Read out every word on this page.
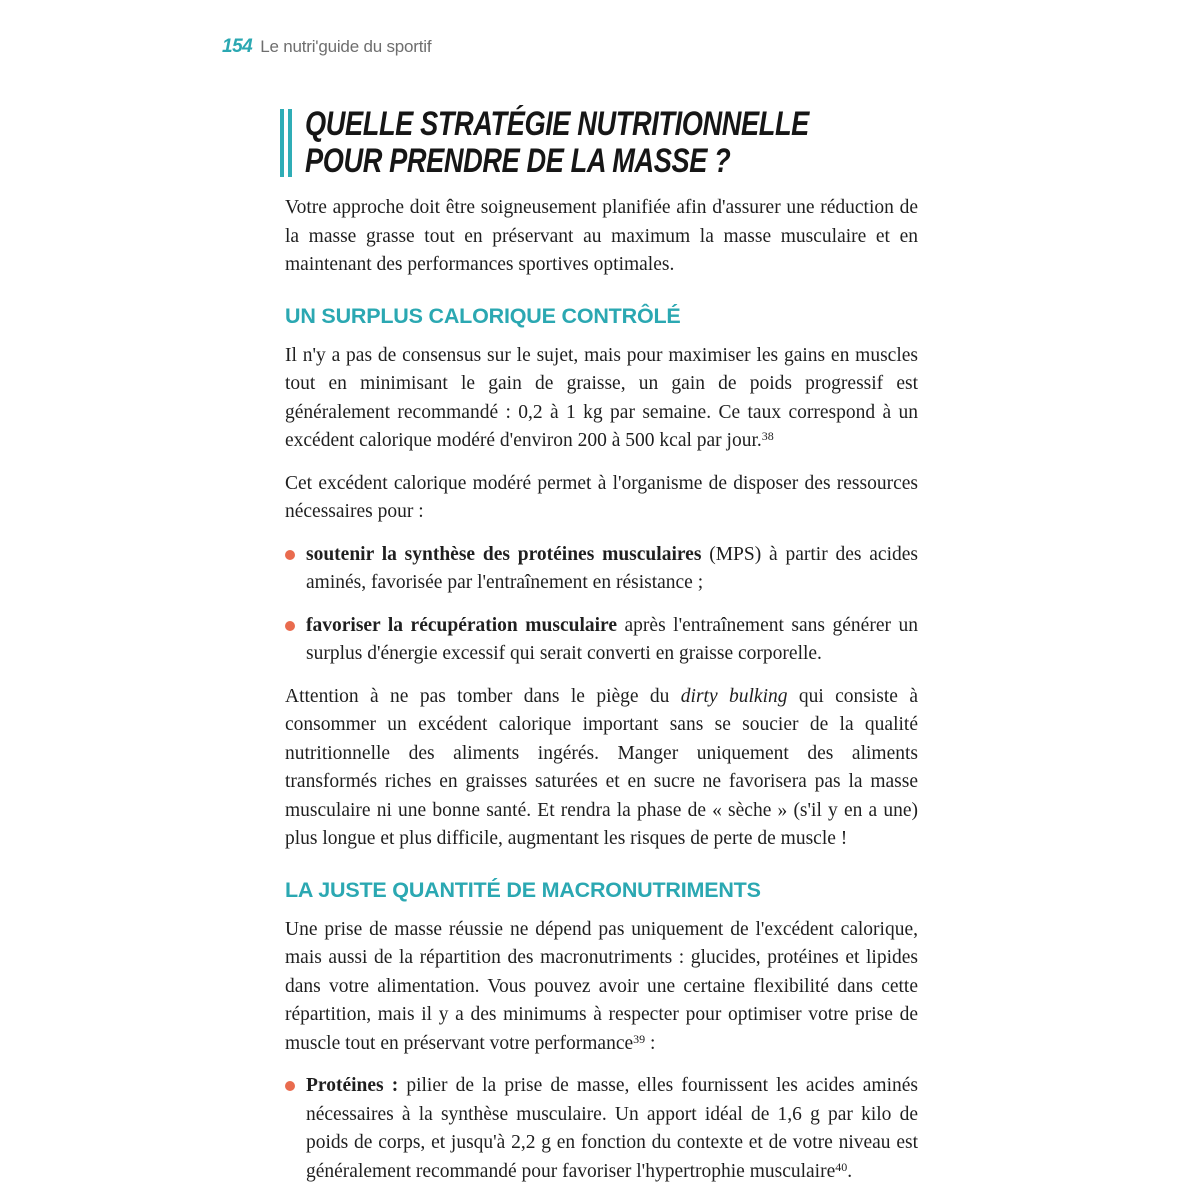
154 Le nutri'guide du sportif
QUELLE STRATÉGIE NUTRITIONNELLE
POUR PRENDRE DE LA MASSE ?

Votre approche doit être soigneusement planifiée afin d'assurer une réduction de la masse grasse tout en préservant au maximum la masse musculaire et en maintenant des performances sportives optimales.

UN SURPLUS CALORIQUE CONTRÔLÉ

Il n'y a pas de consensus sur le sujet, mais pour maximiser les gains en muscles tout en minimisant le gain de graisse, un gain de poids progressif est généralement recommandé : 0,2 à 1 kg par semaine. Ce taux correspond à un excédent calorique modéré d'environ 200 à 500 kcal par jour.$^{38}$

Cet excédent calorique modéré permet à l'organisme de disposer des ressources nécessaires pour :

soutenir la synthèse des protéines musculaires (MPS) à partir des acides aminés, favorisée par l'entraînement en résistance ;
favoriser la récupération musculaire après l'entraînement sans générer un surplus d'énergie excessif qui serait converti en graisse corporelle.

Attention à ne pas tomber dans le piège du dirty bulking qui consiste à consommer un excédent calorique important sans se soucier de la qualité nutritionnelle des aliments ingérés. Manger uniquement des aliments transformés riches en graisses saturées et en sucre ne favorisera pas la masse musculaire ni une bonne santé. Et rendra la phase de « sèche » (s'il y en a une) plus longue et plus difficile, augmentant les risques de perte de muscle !

LA JUSTE QUANTITÉ DE MACRONUTRIMENTS

Une prise de masse réussie ne dépend pas uniquement de l'excédent calorique, mais aussi de la répartition des macronutriments : glucides, protéines et lipides dans votre alimentation. Vous pouvez avoir une certaine flexibilité dans cette répartition, mais il y a des minimums à respecter pour optimiser votre prise de muscle tout en préservant votre performance$^{39}$ :

Protéines : pilier de la prise de masse, elles fournissent les acides aminés nécessaires à la synthèse musculaire. Un apport idéal de 1,6 g par kilo de poids de corps, et jusqu'à 2,2 g en fonction du contexte et de votre niveau est généralement recommandé pour favoriser l'hypertrophie musculaire$^{40}$.
